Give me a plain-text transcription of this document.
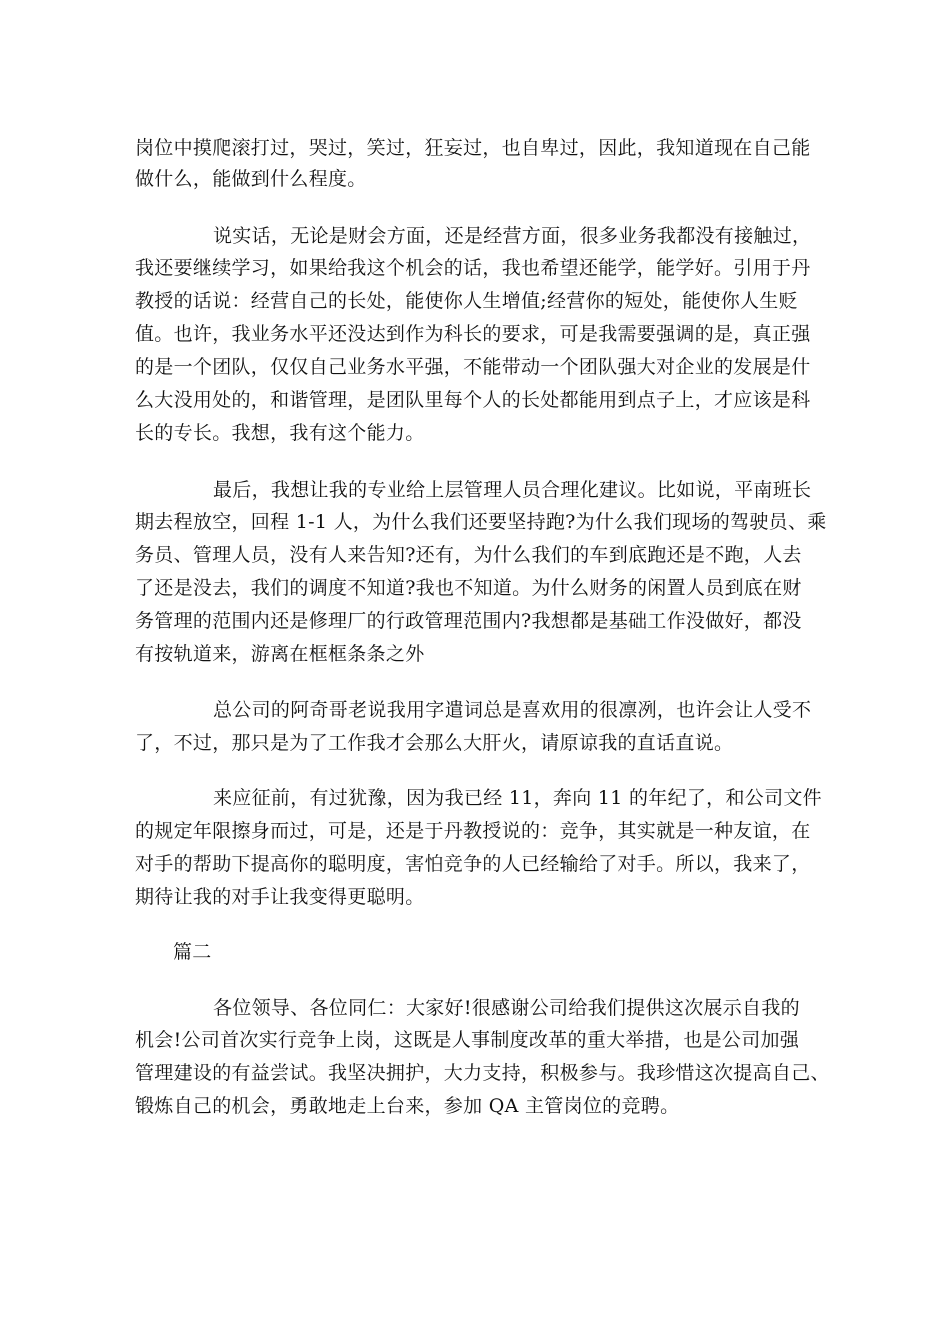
岗位中摸爬滚打过，哭过，笑过，狂妄过，也自卑过，因此，我知道现在自己能
做什么，能做到什么程度。
说实话，无论是财会方面，还是经营方面，很多业务我都没有接触过，
我还要继续学习，如果给我这个机会的话，我也希望还能学，能学好。引用于丹
教授的话说：经营自己的长处，能使你人生增值;经营你的短处，能使你人生贬
值。也许，我业务水平还没达到作为科长的要求，可是我需要强调的是，真正强
的是一个团队，仅仅自己业务水平强，不能带动一个团队强大对企业的发展是什
么大没用处的，和谐管理，是团队里每个人的长处都能用到点子上，才应该是科
长的专长。我想，我有这个能力。
最后，我想让我的专业给上层管理人员合理化建议。比如说，平南班长
期去程放空，回程 1-1 人，为什么我们还要坚持跑?为什么我们现场的驾驶员、乘
务员、管理人员，没有人来告知?还有，为什么我们的车到底跑还是不跑，人去
了还是没去，我们的调度不知道?我也不知道。为什么财务的闲置人员到底在财
务管理的范围内还是修理厂的行政管理范围内?我想都是基础工作没做好，都没
有按轨道来，游离在框框条条之外
总公司的阿奇哥老说我用字遣词总是喜欢用的很凛冽，也许会让人受不
了，不过，那只是为了工作我才会那么大肝火，请原谅我的直话直说。
来应征前，有过犹豫，因为我已经 11，奔向 11 的年纪了，和公司文件
的规定年限擦身而过，可是，还是于丹教授说的：竞争，其实就是一种友谊，在
对手的帮助下提高你的聪明度，害怕竞争的人已经输给了对手。所以，我来了，
期待让我的对手让我变得更聪明。
篇二
各位领导、各位同仁：大家好!很感谢公司给我们提供这次展示自我的
机会!公司首次实行竞争上岗，这既是人事制度改革的重大举措，也是公司加强
管理建设的有益尝试。我坚决拥护，大力支持，积极参与。我珍惜这次提高自己、
锻炼自己的机会，勇敢地走上台来，参加 QA 主管岗位的竞聘。
